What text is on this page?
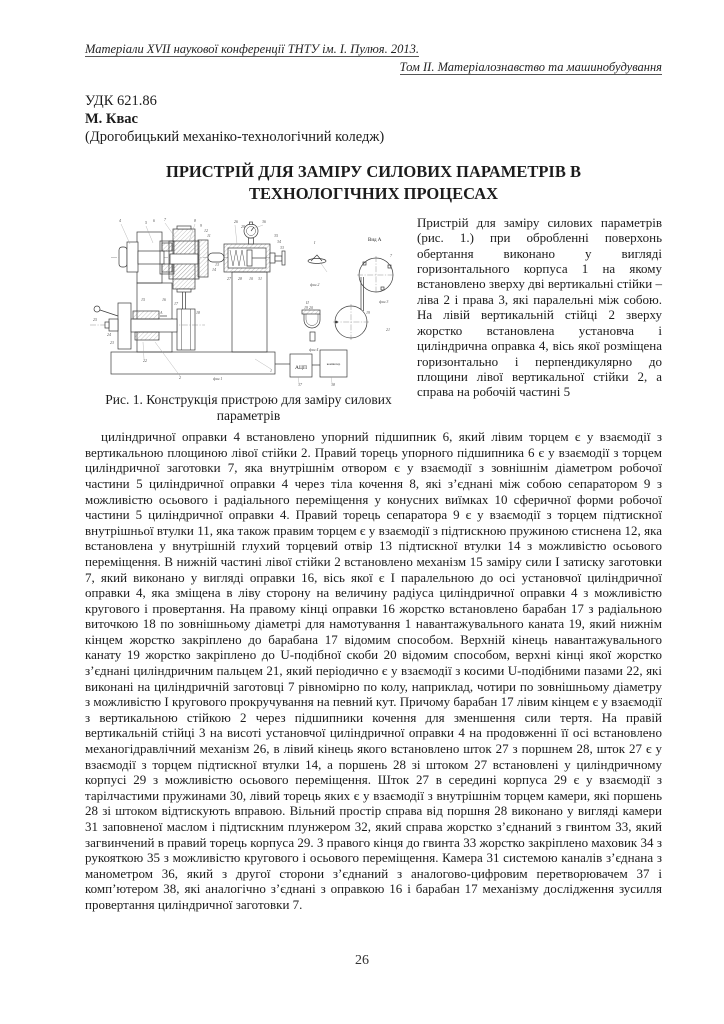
Матеріали XVII наукової конференції ТНТУ ім. І. Пулюя. 2013.
Том ІІ. Матеріалознавство та машинобудування
УДК 621.86
М. Квас
(Дрогобицький механіко-технологічний коледж)
ПРИСТРІЙ ДЛЯ ЗАМІРУ СИЛОВИХ ПАРАМЕТРІВ В ТЕХНОЛОГІЧНИХ ПРОЦЕСАХ
АЦП
компютер
Вид А
4	5 6 7	8
9
12
11
26
29
36
35
34
33
13
14
27 28 10 31
15	16
17
18
25
24
23
22
2	фиг.1
1
37	38
І
фиг.2
фиг.3
ІІ
19 20
фиг.4
7
21
19
А
Рис. 1. Конструкція пристрою для заміру силових параметрів

Пристрій для заміру силових параметрів (рис. 1.) при обробленні поверхонь обертання виконано у вигляді горизонтального корпуса 1 на якому встановлено зверху дві вертикальні стійки – ліва 2 і права 3, які паралельні між собою. На лівій вертикальній стійці 2 зверху жорстко встановлена установча і циліндрична оправка 4, вісь якої розміщена горизонтально і перпендикулярно до площини лівої вертикальної стійки 2, а справа на робочій частині 5

циліндричної оправки 4 встановлено упорний підшипник 6, який лівим торцем є у взаємодії з вертикальною площиною лівої стійки 2. Правий торець упорного підшипника 6 є у взаємодії з торцем циліндричної заготовки 7, яка внутрішнім отвором є у взаємодії з зовнішнім діаметром робочої частини 5 циліндричної оправки 4 через тіла кочення 8, які з’єднані між собою сепаратором 9 з можливістю осьового і радіального переміщення у конусних виїмках 10 сферичної форми робочої частини 5 циліндричної оправки 4. Правий торець сепаратора 9 є у взаємодії з торцем підтискної внутрішньої втулки 11, яка також правим торцем є у взаємодії з підтискною пружиною стиснена 12, яка встановлена у внутрішній глухий торцевий отвір 13 підтискної втулки 14 з можливістю осьового переміщення. В нижній частині лівої стійки 2 встановлено механізм 15 заміру сили І затиску заготовки 7, який виконано у вигляді оправки 16, вісь якої є І паралельною до осі установчої циліндричної оправки 4, яка зміщена в ліву сторону на величину радіуса циліндричної оправки 4 з можливістю кругового і провертання. На правому кінці оправки 16 жорстко встановлено барабан 17 з радіальною виточкою 18 по зовнішньому діаметрі для намотування 1 навантажувального каната 19, який нижнім кінцем жорстко закріплено до барабана 17 відомим способом. Верхній кінець навантажувального канату 19 жорстко закріплено до U-подібної скоби 20 відомим способом, верхні кінці якої жорстко з’єднані циліндричним пальцем 21, який періодично є у взаємодії з косими U-подібними пазами 22, які виконані на циліндричній заготовці 7 рівномірно по колу, наприклад, чотири по зовнішньому діаметру з можливістю І кругового прокручування на певний кут. Причому барабан 17 лівим кінцем є у взаємодії з вертикальною стійкою 2 через підшипники кочення для зменшення сили тертя. На правій вертикальній стійці 3 на висоті установчої циліндричної оправки 4 на продовженні її осі встановлено механогідравлічний механізм 26, в лівий кінець якого встановлено шток 27 з поршнем 28, шток 27 є у взаємодії з торцем підтискної втулки 14, а поршень 28 зі штоком 27 встановлені у циліндричному корпусі 29 з можливістю осьового переміщення. Шток 27 в середині корпуса 29 є у взаємодії з тарілчастими пружинами 30, лівий торець яких є у взаємодії з внутрішнім торцем камери, які поршень 28 зі штоком відтискують вправою. Вільний простір справа від поршня 28 виконано у вигляді камери 31 заповненої маслом і підтискним плунжером 32, який справа жорстко з’єднаний з гвинтом 33, який загвинчений в правий торець корпуса 29. З правого кінця до гвинта 33 жорстко закріплено маховик 34 з рукояткою 35 з можливістю кругового і осьового переміщення. Камера 31 системою каналів з’єднана з манометром 36, який з другої сторони з’єднаний з аналогово-цифровим перетворювачем 37 і комп’ютером 38, які аналогічно з’єднані з оправкою 16 і барабан 17 механізму дослідження зусилля провертання циліндричної заготовки 7.

26
